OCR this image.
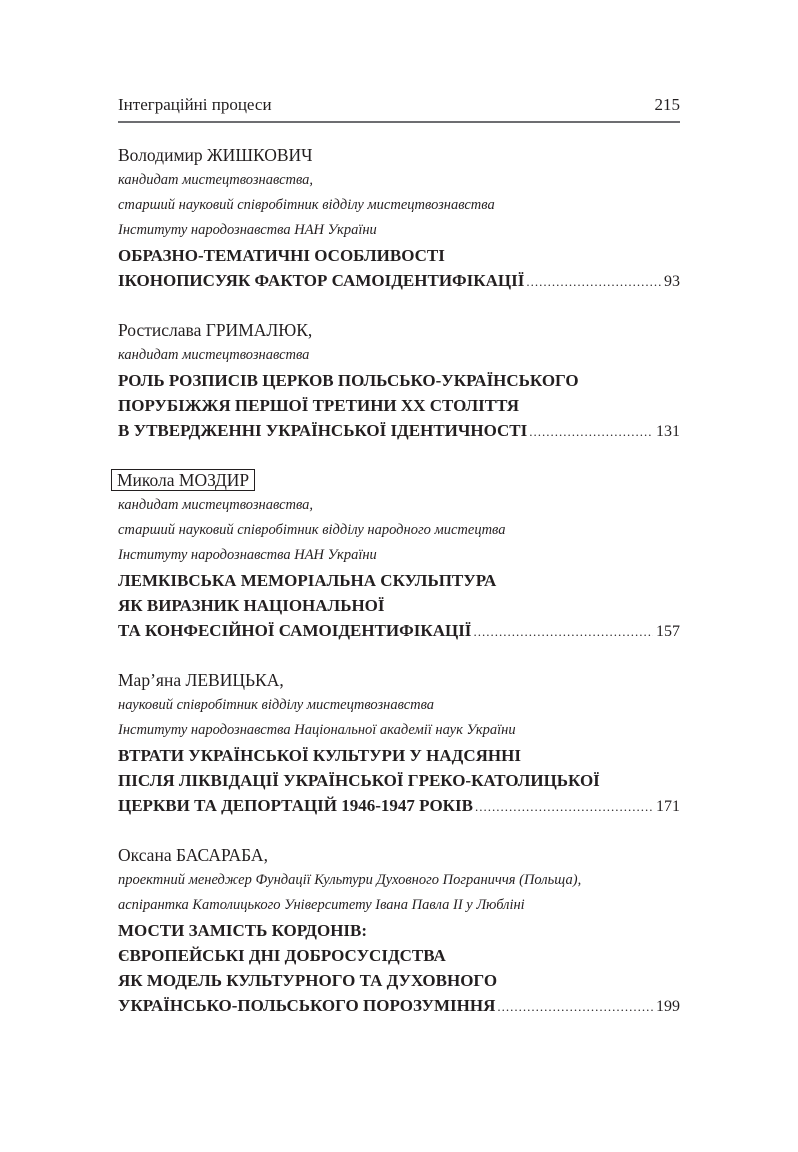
Інтеграційні процеси	215
Володимир ЖИШКОВИЧ
кандидат мистецтвознавства,
старший науковий співробітник відділу мистецтвознавства
Інституту народознавства НАН України
ОБРАЗНО-ТЕМАТИЧНІ ОСОБЛИВОСТІ
ІКОНОПИСУЯК ФАКТОР САМОІДЕНТИФІКАЦІЇ .....	93
Ростислава ГРИМАЛЮК,
кандидат мистецтвознавства
РОЛЬ РОЗПИСІВ ЦЕРКОВ ПОЛЬСЬКО-УКРАЇНСЬКОГО
ПОРУБІЖЖЯ ПЕРШОЇ ТРЕТИНИ ХХ СТОЛІТТЯ
В УТВЕРДЖЕННІ УКРАЇНСЬКОЇ ІДЕНТИЧНОСТІ .....	131
Микола МОЗДИР
кандидат мистецтвознавства,
старший науковий співробітник відділу народного мистецтва
Інституту народознавства НАН України
ЛЕМКІВСЬКА МЕМОРІАЛЬНА СКУЛЬПТУРА
ЯК ВИРАЗНИК НАЦІОНАЛЬНОЇ
ТА КОНФЕСІЙНОЇ САМОІДЕНТИФІКАЦІЇ .....	157
Мар’яна ЛЕВИЦЬКА,
науковий співробітник відділу мистецтвознавства
Інституту народознавства Національної академії наук України
ВТРАТИ УКРАЇНСЬКОЇ КУЛЬТУРИ У НАДСЯННІ
ПІСЛЯ ЛІКВІДАЦІЇ УКРАЇНСЬКОЇ ГРЕКО-КАТОЛИЦЬКОЇ
ЦЕРКВИ ТА ДЕПОРТАЦІЙ 1946-1947 РОКІВ .....	171
Оксана БАСАРАБА,
проектний менеджер Фундації Культури Духовного Пограниччя (Польща),
аспірантка Католицького Університету Івана Павла ІІ у Любліні
МОСТИ ЗАМІСТЬ КОРДОНІВ:
ЄВРОПЕЙСЬКІ ДНІ ДОБРОСУСІДСТВА
ЯК МОДЕЛЬ КУЛЬТУРНОГО ТА ДУХОВНОГО
УКРАЇНСЬКО-ПОЛЬСЬКОГО ПОРОЗУМІННЯ .....	199
